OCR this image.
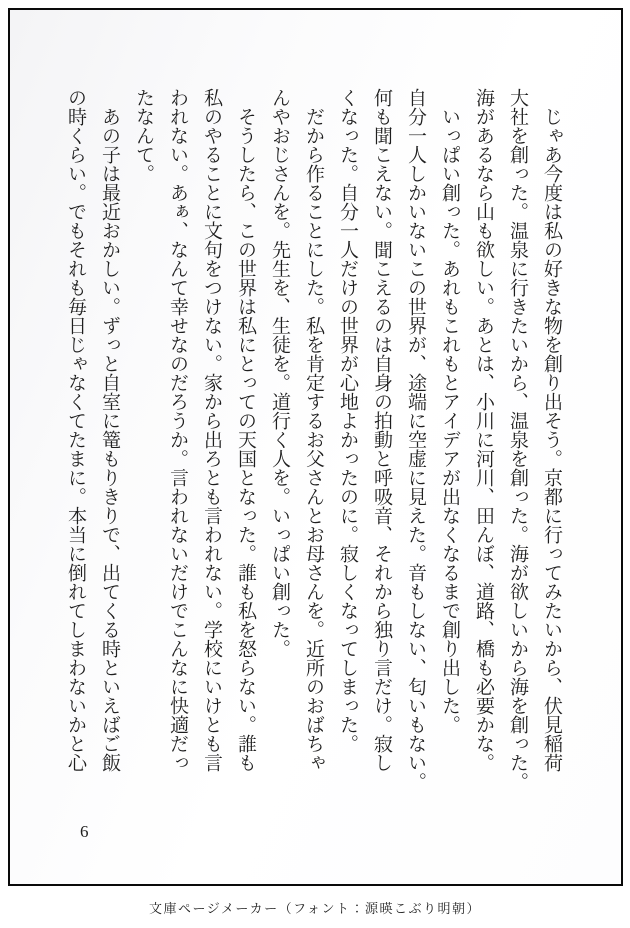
　じゃあ今度は私の好きな物を創り出そう。京都に行ってみたいから、伏見稲荷
大社を創った。温泉に行きたいから、温泉を創った。海が欲しいから海を創った。
海があるなら山も欲しい。あとは、小川に河川、田んぼ、道路、橋も必要かな。
　いっぱい創った。あれもこれもとアイデアが出なくなるまで創り出した。
自分一人しかいないこの世界が、途端に空虚に見えた。音もしない、匂いもない。
何も聞こえない。聞こえるのは自身の拍動と呼吸音、それから独り言だけ。寂し
くなった。自分一人だけの世界が心地よかったのに。寂しくなってしまった。
　だから作ることにした。私を肯定するお父さんとお母さんを。近所のおばちゃ
んやおじさんを。先生を、生徒を。道行く人を。いっぱい創った。
　そうしたら、この世界は私にとっての天国となった。誰も私を怒らない。誰も
私のやることに文句をつけない。家から出ろとも言われない。学校にいけとも言
われない。あぁ、なんて幸せなのだろうか。言われないだけでこんなに快適だっ
たなんて。
　あの子は最近おかしい。ずっと自室に篭もりきりで、出てくる時といえばご飯
の時くらい。でもそれも毎日じゃなくてたまに。本当に倒れてしまわないかと心
6
文庫ページメーカー（フォント：源暎こぶり明朝）
